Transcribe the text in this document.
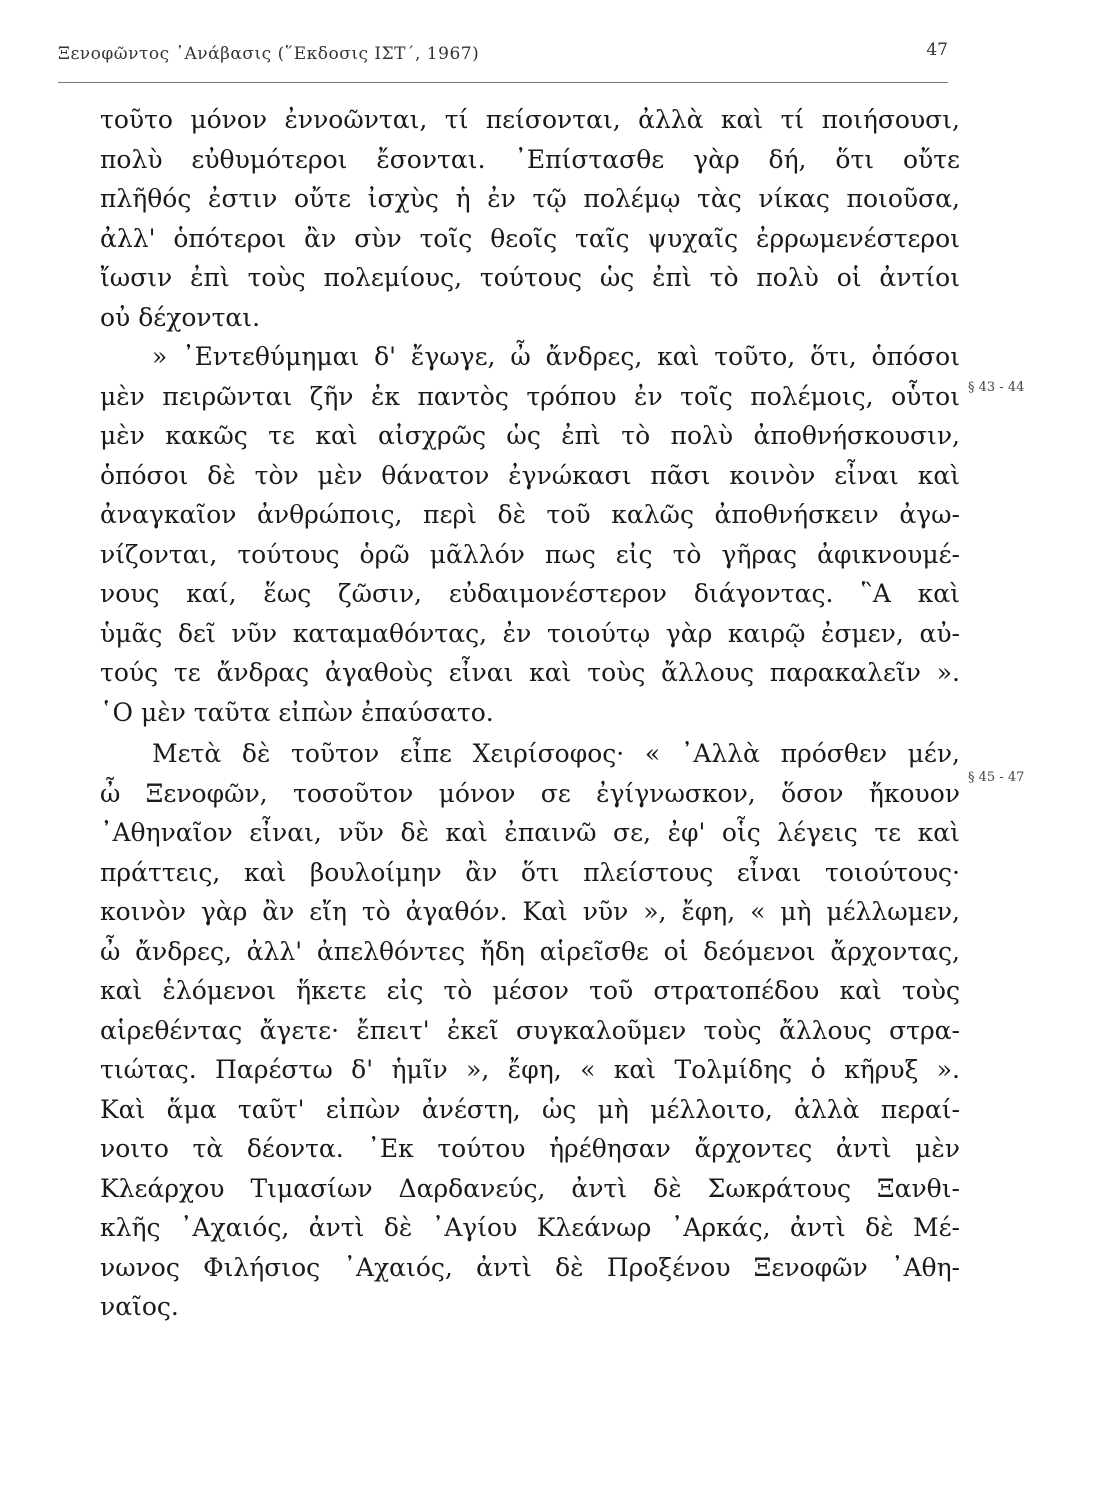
Ξενοφῶντος ᾿Ανάβασις (῞Εκδοσις ΙΣΤ΄, 1967)	47
τοῦτο μόνον ἐννοῶνται, τί πείσονται, ἀλλὰ καὶ τί ποιήσουσι,
πολὺ εὐθυμότεροι ἔσονται. ᾿Επίστασθε γὰρ δή, ὅτι οὔτε
πλῆθός ἐστιν οὔτε ἰσχὺς ἡ ἐν τῷ πολέμῳ τὰς νίκας ποιοῦσα,
ἀλλ' ὁπότεροι ἂν σὺν τοῖς θεοῖς ταῖς ψυχαῖς ἐρρωμενέστεροι
ἴωσιν ἐπὶ τοὺς πολεμίους, τούτους ὡς ἐπὶ τὸ πολὺ οἱ ἀντίοι
οὐ δέχονται.
» ᾿Εντεθύμημαι δ' ἔγωγε, ὦ ἄνδρες, καὶ τοῦτο, ὅτι, ὁπόσοι
μὲν πειρῶνται ζῆν ἐκ παντὸς τρόπου ἐν τοῖς πολέμοις, οὗτοι
μὲν κακῶς τε καὶ αἰσχρῶς ὡς ἐπὶ τὸ πολὺ ἀποθνήσκουσιν,
ὁπόσοι δὲ τὸν μὲν θάνατον ἐγνώκασι πᾶσι κοινὸν εἶναι καὶ
ἀναγκαῖον ἀνθρώποις, περὶ δὲ τοῦ καλῶς ἀποθνήσκειν ἀγω-
νίζονται, τούτους ὁρῶ μᾶλλόν πως εἰς τὸ γῆρας ἀφικνουμέ-
νους καί, ἕως ζῶσιν, εὐδαιμονέστερον διάγοντας. ῝Α καὶ
ὑμᾶς δεῖ νῦν καταμαθόντας, ἐν τοιούτῳ γὰρ καιρῷ ἐσμεν, αὐ-
τούς τε ἄνδρας ἀγαθοὺς εἶναι καὶ τοὺς ἄλλους παρακαλεῖν ».
῾Ο μὲν ταῦτα εἰπὼν ἐπαύσατο.
Μετὰ δὲ τοῦτον εἶπε Χειρίσοφος· « ᾿Αλλὰ πρόσθεν μέν,
ὦ Ξενοφῶν, τοσοῦτον μόνον σε ἐγίγνωσκον, ὅσον ἤκουον
᾿Αθηναῖον εἶναι, νῦν δὲ καὶ ἐπαινῶ σε, ἐφ' οἷς λέγεις τε καὶ
πράττεις, καὶ βουλοίμην ἂν ὅτι πλείστους εἶναι τοιούτους·
κοινὸν γὰρ ἂν εἴη τὸ ἀγαθόν. Καὶ νῦν », ἔφη, « μὴ μέλλωμεν,
ὦ ἄνδρες, ἀλλ' ἀπελθόντες ἤδη αἱρεῖσθε οἱ δεόμενοι ἄρχοντας,
καὶ ἑλόμενοι ἥκετε εἰς τὸ μέσον τοῦ στρατοπέδου καὶ τοὺς
αἱρεθέντας ἄγετε· ἔπειτ' ἐκεῖ συγκαλοῦμεν τοὺς ἄλλους στρα-
τιώτας. Παρέστω δ' ἡμῖν », ἔφη, « καὶ Τολμίδης ὁ κῆρυξ ».
Καὶ ἅμα ταῦτ' εἰπὼν ἀνέστη, ὡς μὴ μέλλοιτο, ἀλλὰ περαί-
νοιτο τὰ δέοντα. ᾿Εκ τούτου ἡρέθησαν ἄρχοντες ἀντὶ μὲν
Κλεάρχου Τιμασίων Δαρδανεύς, ἀντὶ δὲ Σωκράτους Ξανθι-
κλῆς ᾿Αχαιός, ἀντὶ δὲ ᾿Αγίου Κλεάνωρ ᾿Αρκάς, ἀντὶ δὲ Μέ-
νωνος Φιλήσιος ᾿Αχαιός, ἀντὶ δὲ Προξένου Ξενοφῶν ᾿Αθη-
ναῖος.
§ 43 - 44
§ 45 - 47
